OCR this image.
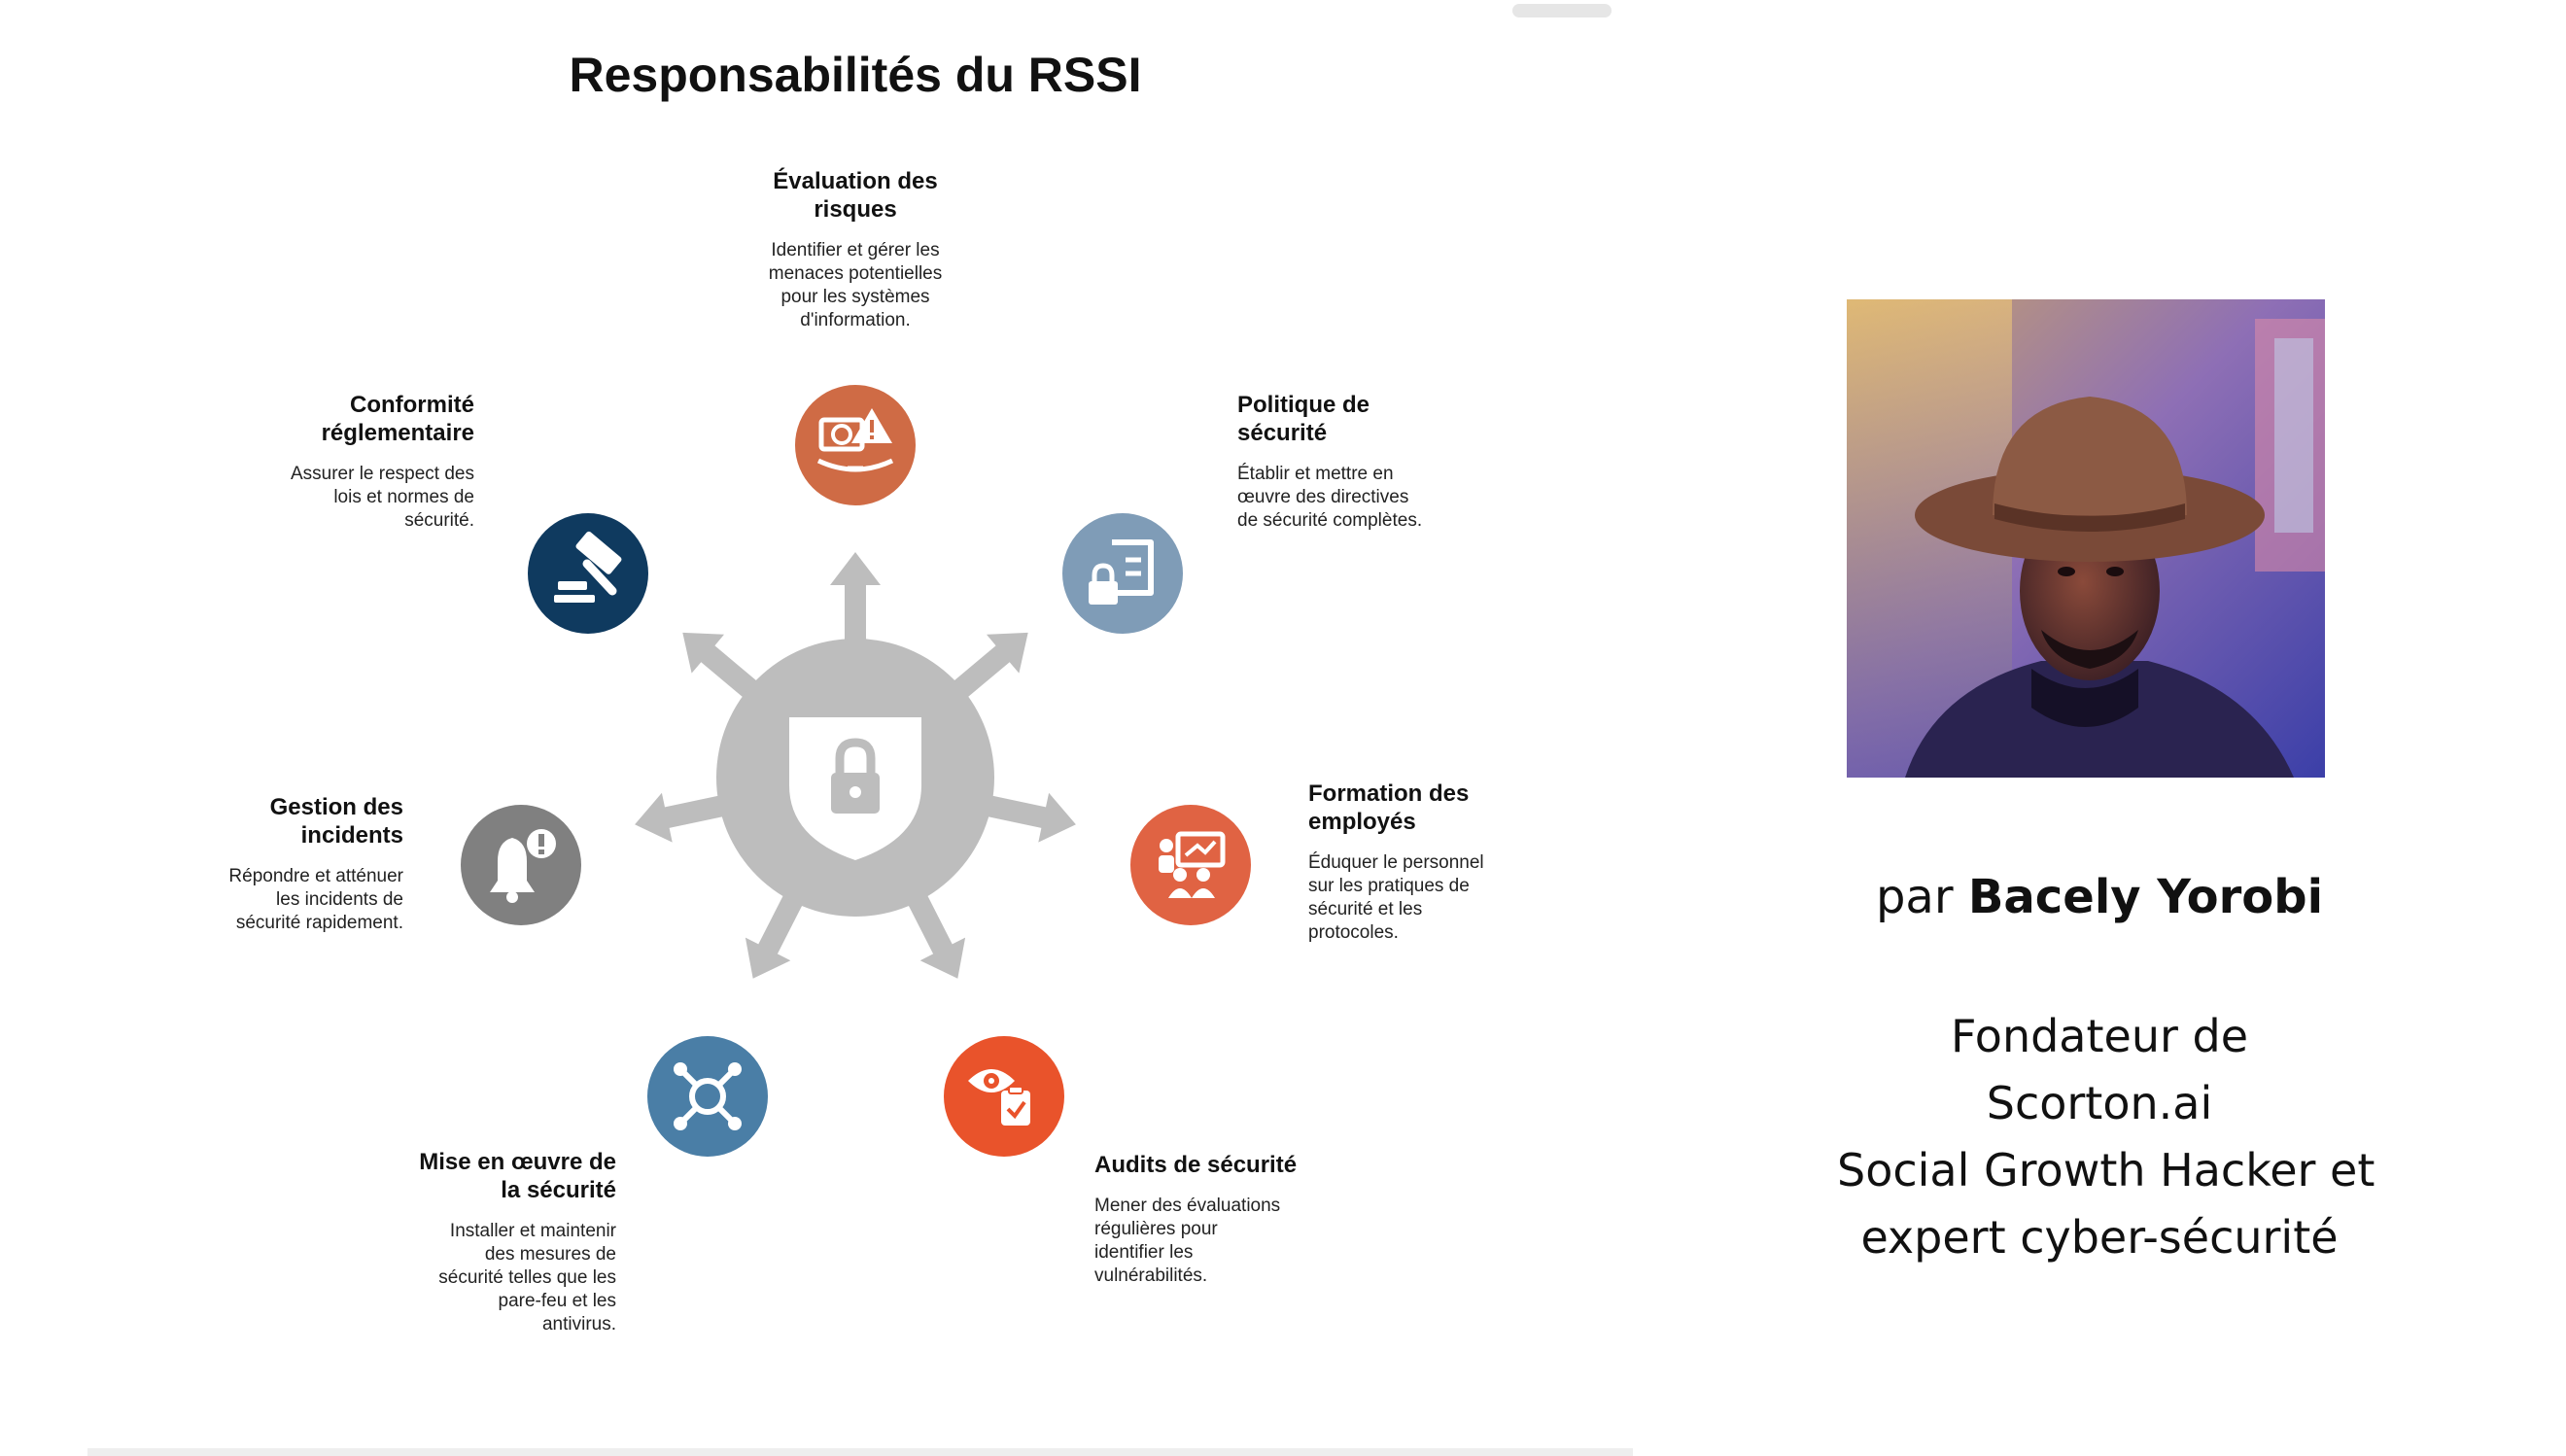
Responsabilités du RSSI
Évaluation des
risques
Identifier et gérer les
menaces potentielles
pour les systèmes
d'information.
Politique de
sécurité
Établir et mettre en
œuvre des directives
de sécurité complètes.
Formation des
employés
Éduquer le personnel
sur les pratiques de
sécurité et les
protocoles.
Audits de sécurité
Mener des évaluations
régulières pour
identifier les
vulnérabilités.
Mise en œuvre de
la sécurité
Installer et maintenir
des mesures de
sécurité telles que les
pare-feu et les
antivirus.
Gestion des
incidents
Répondre et atténuer
les incidents de
sécurité rapidement.
Conformité
réglementaire
Assurer le respect des
lois et normes de
sécurité.
par Bacely Yorobi
Fondateur de
Scorton.ai
Social Growth Hacker et
expert cyber-sécurité
